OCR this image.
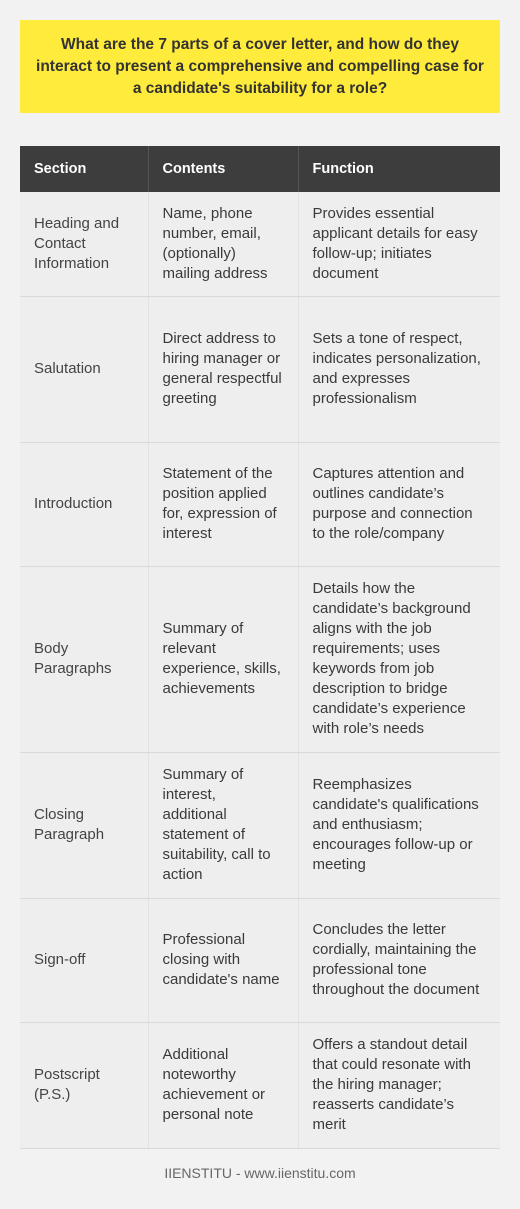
What are the 7 parts of a cover letter, and how do they interact to present a comprehensive and compelling case for a candidate's suitability for a role?
Section	Contents	Function
Heading and Contact Information	Name, phone number, email, (optionally) mailing address	Provides essential applicant details for easy follow-up; initiates document
Salutation	Direct address to hiring manager or general respectful greeting	Sets a tone of respect, indicates personalization, and expresses professionalism
Introduction	Statement of the position applied for, expression of interest	Captures attention and outlines candidate’s purpose and connection to the role/company
Body Paragraphs	Summary of relevant experience, skills, achievements	Details how the candidate’s background aligns with the job requirements; uses keywords from job description to bridge candidate’s experience with role’s needs
Closing Paragraph	Summary of interest, additional statement of suitability, call to action	Reemphasizes candidate's qualifications and enthusiasm; encourages follow-up or meeting
Sign-off	Professional closing with candidate's name	Concludes the letter cordially, maintaining the professional tone throughout the document
Postscript (P.S.)	Additional noteworthy achievement or personal note	Offers a standout detail that could resonate with the hiring manager; reasserts candidate’s merit
IIENSTITU - www.iienstitu.com
